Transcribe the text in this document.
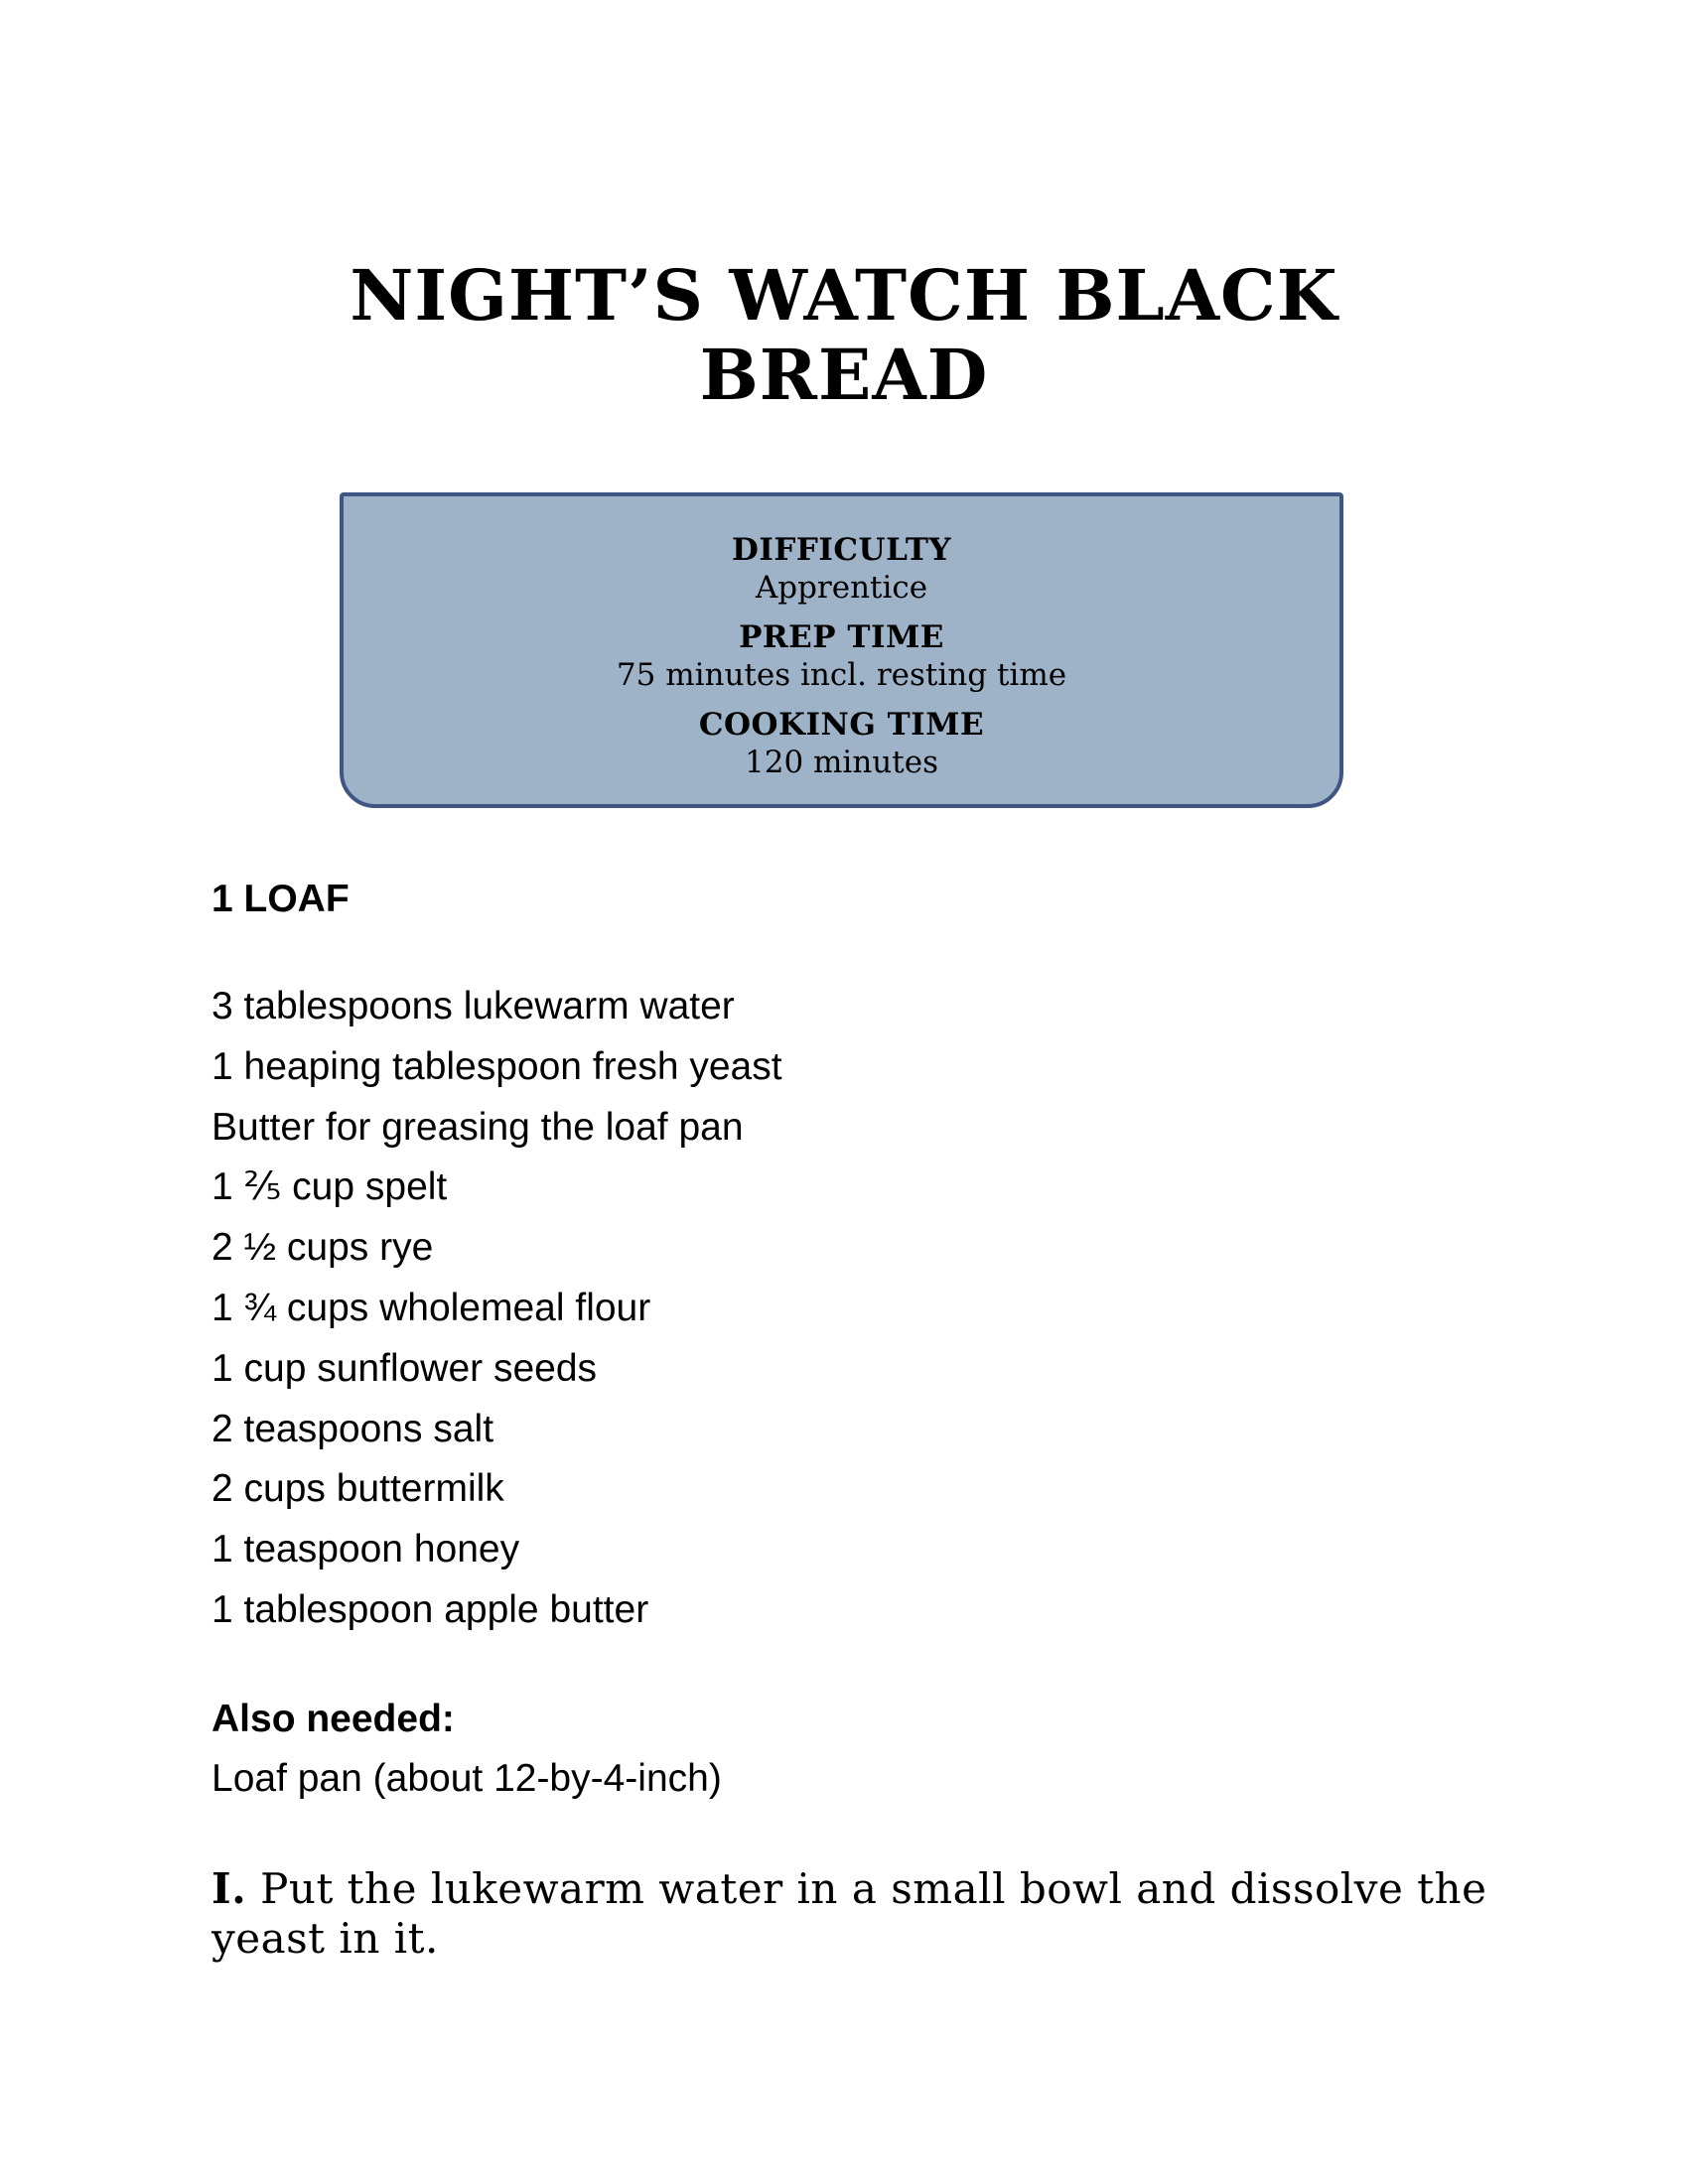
NIGHT’S WATCH BLACK BREAD
DIFFICULTY
Apprentice
PREP TIME
75 minutes incl. resting time
COOKING TIME
120 minutes

1 LOAF

3 tablespoons lukewarm water
1 heaping tablespoon fresh yeast
Butter for greasing the loaf pan
1 ⅖ cup spelt
2 ½ cups rye
1 ¾ cups wholemeal flour
1 cup sunflower seeds
2 teaspoons salt
2 cups buttermilk
1 teaspoon honey
1 tablespoon apple butter

Also needed:

Loaf pan (about 12-by-4-inch)

I. Put the lukewarm water in a small bowl and dissolve the yeast in it.
